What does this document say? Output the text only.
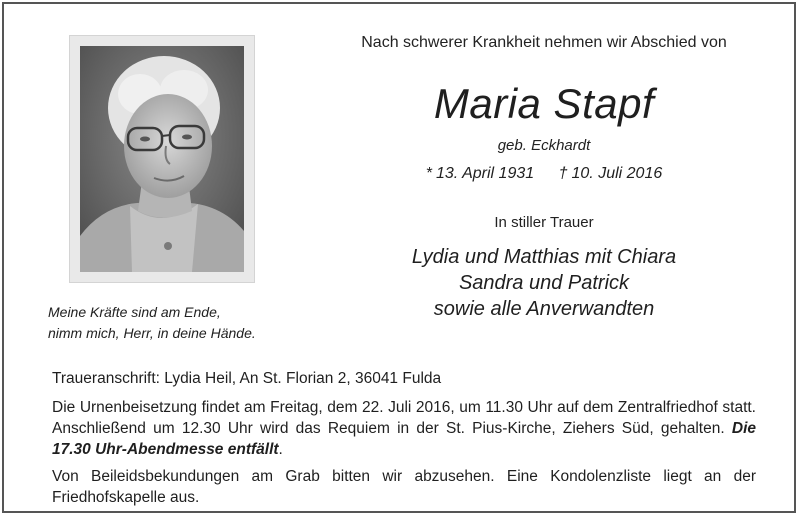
Meine Kräfte sind am Ende,
nimm mich, Herr, in deine Hände.
Nach schwerer Krankheit nehmen wir Abschied von
Maria Stapf
geb. Eckhardt
* 13. April 1931 † 10. Juli 2016
In stiller Trauer
Lydia und Matthias mit Chiara
Sandra und Patrick
sowie alle Anverwandten

Traueranschrift: Lydia Heil, An St. Florian 2, 36041 Fulda

Die Urnenbeisetzung findet am Freitag, dem 22. Juli 2016, um 11.30 Uhr auf dem Zentralfriedhof statt. Anschließend um 12.30 Uhr wird das Requiem in der St. Pius-Kirche, Ziehers Süd, gehalten. Die 17.30 Uhr-Abendmesse entfällt.

Von Beileidsbekundungen am Grab bitten wir abzusehen. Eine Kondolenzliste liegt an der Friedhofskapelle aus.
